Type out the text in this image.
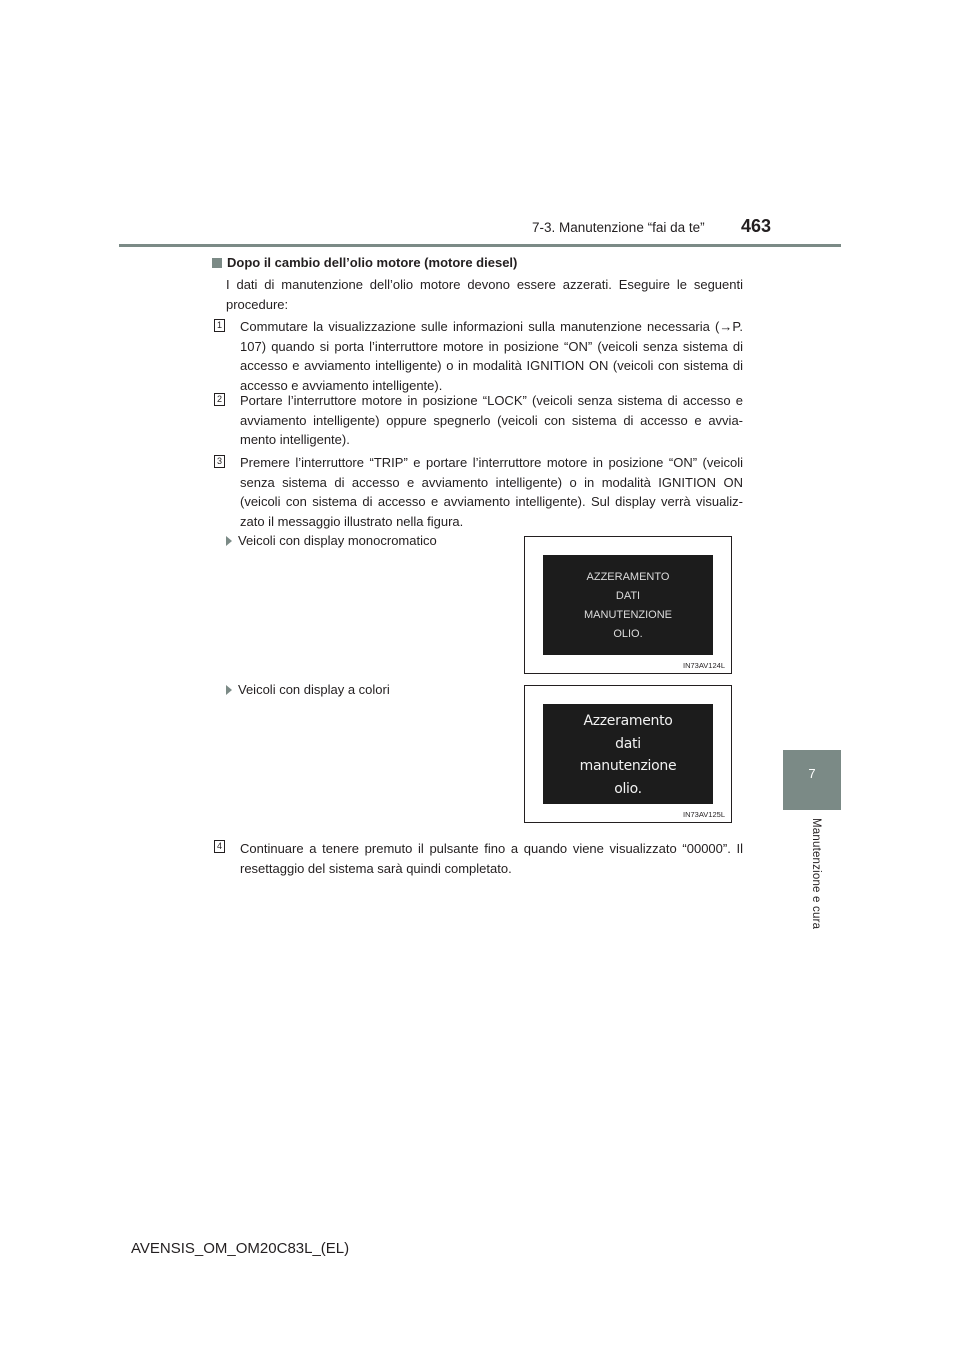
7-3. Manutenzione “fai da te” 463
7
Manutenzione e cura
Dopo il cambio dell’olio motore (motore diesel)
I dati di manutenzione dell’olio motore devono essere azzerati. Eseguire le seguenti procedure:
1 Commutare la visualizzazione sulle informazioni sulla manutenzione necessaria (→P. 107) quando si porta l’interruttore motore in posizione “ON” (veicoli senza sistema di accesso e avviamento intelligente) o in modalità IGNITION ON (veicoli con sistema di accesso e avviamento intelligente).
2 Portare l’interruttore motore in posizione “LOCK” (veicoli senza sistema di accesso e avviamento intelligente) oppure spegnerlo (veicoli con sistema di accesso e avvia-mento intelligente).
3 Premere l’interruttore “TRIP” e portare l’interruttore motore in posizione “ON” (veicoli senza sistema di accesso e avviamento intelligente) o in modalità IGNITION ON (veicoli con sistema di accesso e avviamento intelligente). Sul display verrà visualiz-zato il messaggio illustrato nella figura.
Veicoli con display monocromatico
AZZERAMENTO
DATI
MANUTENZIONE
OLIO.
IN73AV124L
Veicoli con display a colori
Azzeramento
dati
manutenzione
olio.
IN73AV125L
4 Continuare a tenere premuto il pulsante fino a quando viene visualizzato “00000”. Il resettaggio del sistema sarà quindi completato.
AVENSIS_OM_OM20C83L_(EL)
